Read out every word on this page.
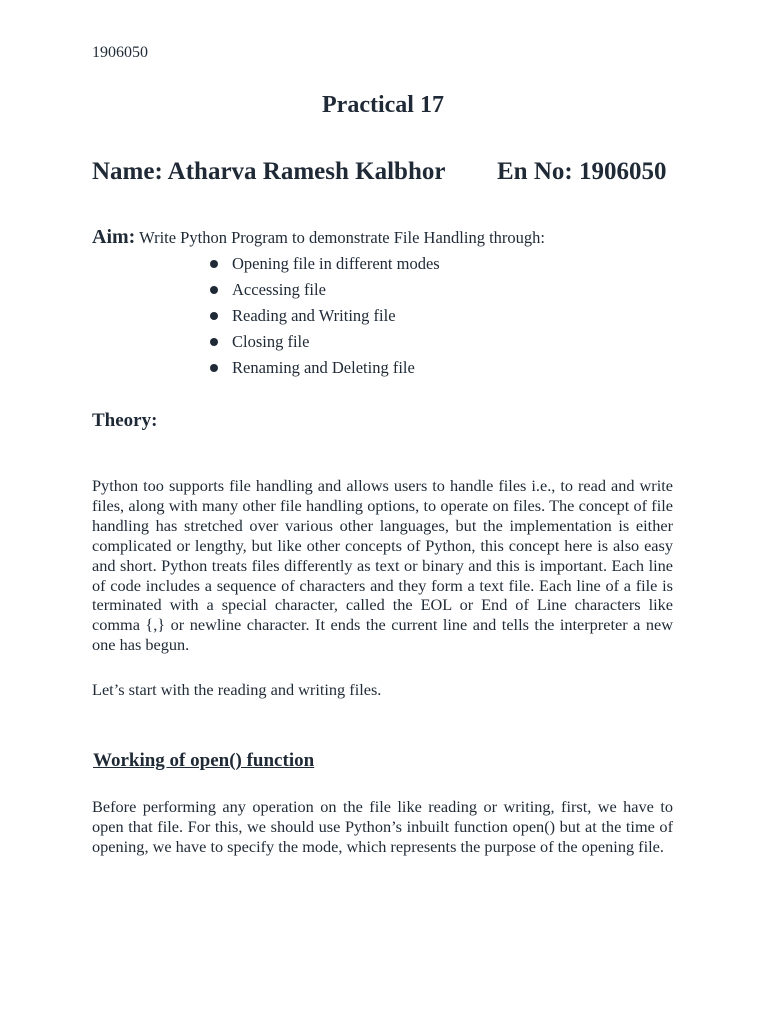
1906050
Practical 17
Name: Atharva Ramesh Kalbhor En No: 1906050
Aim: Write Python Program to demonstrate File Handling through:
Opening file in different modes
Accessing file
Reading and Writing file
Closing file
Renaming and Deleting file
Theory:

Python too supports file handling and allows users to handle files i.e., to read and write files, along with many other file handling options, to operate on files. The concept of file handling has stretched over various other languages, but the implementation is either complicated or lengthy, but like other concepts of Python, this concept here is also easy and short. Python treats files differently as text or binary and this is important. Each line of code includes a sequence of characters and they form a text file. Each line of a file is terminated with a special character, called the EOL or End of Line characters like comma {,} or newline character. It ends the current line and tells the interpreter a new one has begun.

Let’s start with the reading and writing files.

Working of open() function

Before performing any operation on the file like reading or writing, first, we have to open that file. For this, we should use Python’s inbuilt function open() but at the time of opening, we have to specify the mode, which represents the purpose of the opening file.
